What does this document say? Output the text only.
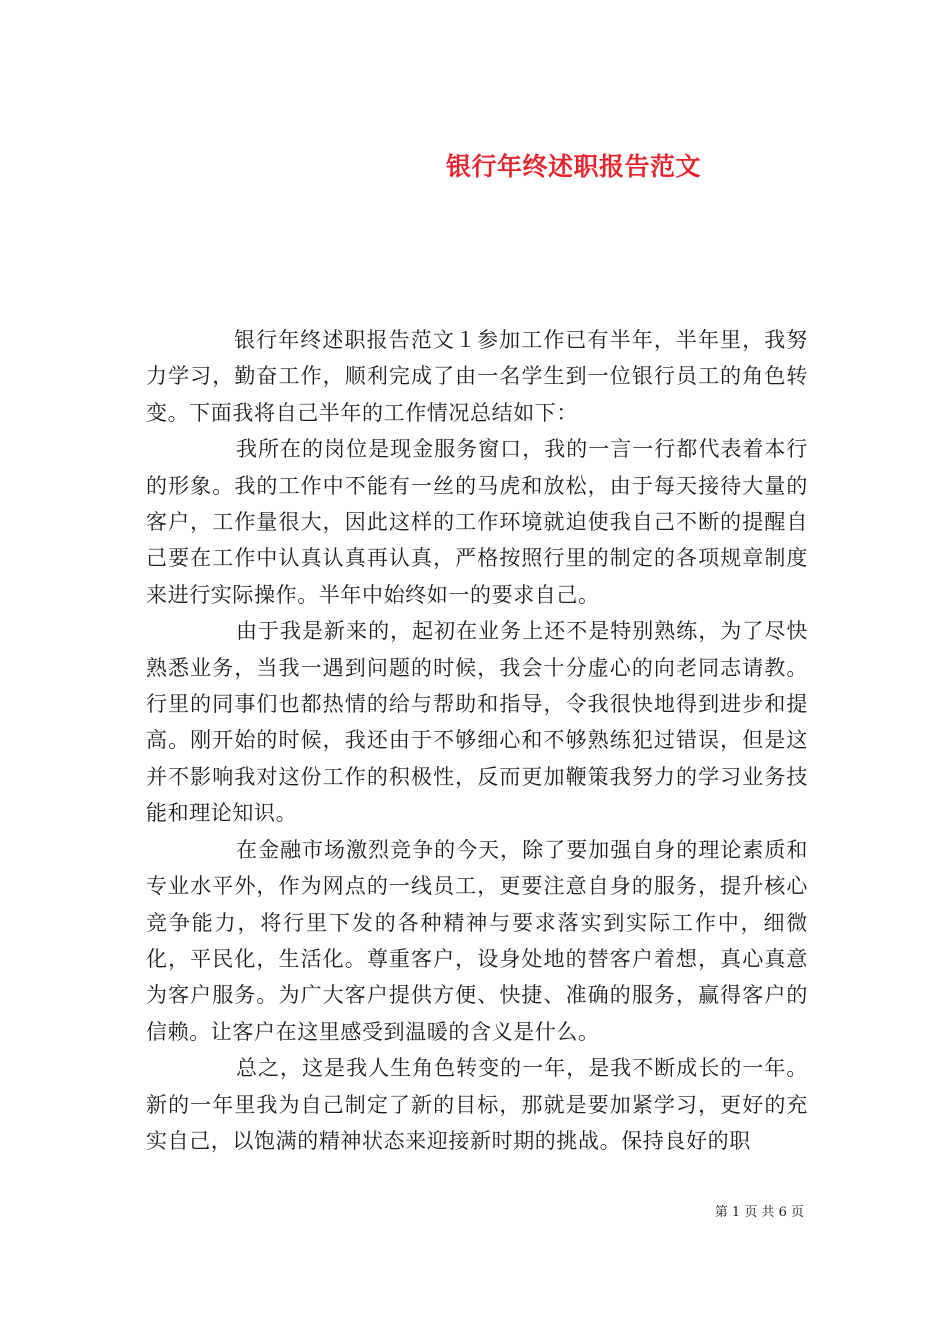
银行年终述职报告范文

银行年终述职报告范文１参加工作已有半年，半年里，我努力学习，勤奋工作，顺利完成了由一名学生到一位银行员工的角色转变。下面我将自己半年的工作情况总结如下：

我所在的岗位是现金服务窗口，我的一言一行都代表着本行的形象。我的工作中不能有一丝的马虎和放松，由于每天接待大量的客户，工作量很大，因此这样的工作环境就迫使我自己不断的提醒自己要在工作中认真认真再认真，严格按照行里的制定的各项规章制度来进行实际操作。半年中始终如一的要求自己。

由于我是新来的，起初在业务上还不是特别熟练，为了尽快熟悉业务，当我一遇到问题的时候，我会十分虚心的向老同志请教。行里的同事们也都热情的给与帮助和指导，令我很快地得到进步和提高。刚开始的时候，我还由于不够细心和不够熟练犯过错误，但是这并不影响我对这份工作的积极性，反而更加鞭策我努力的学习业务技能和理论知识。

在金融市场激烈竞争的今天，除了要加强自身的理论素质和专业水平外，作为网点的一线员工，更要注意自身的服务，提升核心竞争能力，将行里下发的各种精神与要求落实到实际工作中，细微化，平民化，生活化。尊重客户，设身处地的替客户着想，真心真意为客户服务。为广大客户提供方便、快捷、准确的服务，赢得客户的信赖。让客户在这里感受到温暖的含义是什么。

总之，这是我人生角色转变的一年，是我不断成长的一年。新的一年里我为自己制定了新的目标，那就是要加紧学习，更好的充实自己，以饱满的精神状态来迎接新时期的挑战。保持良好的职

第 1 页 共 6 页
